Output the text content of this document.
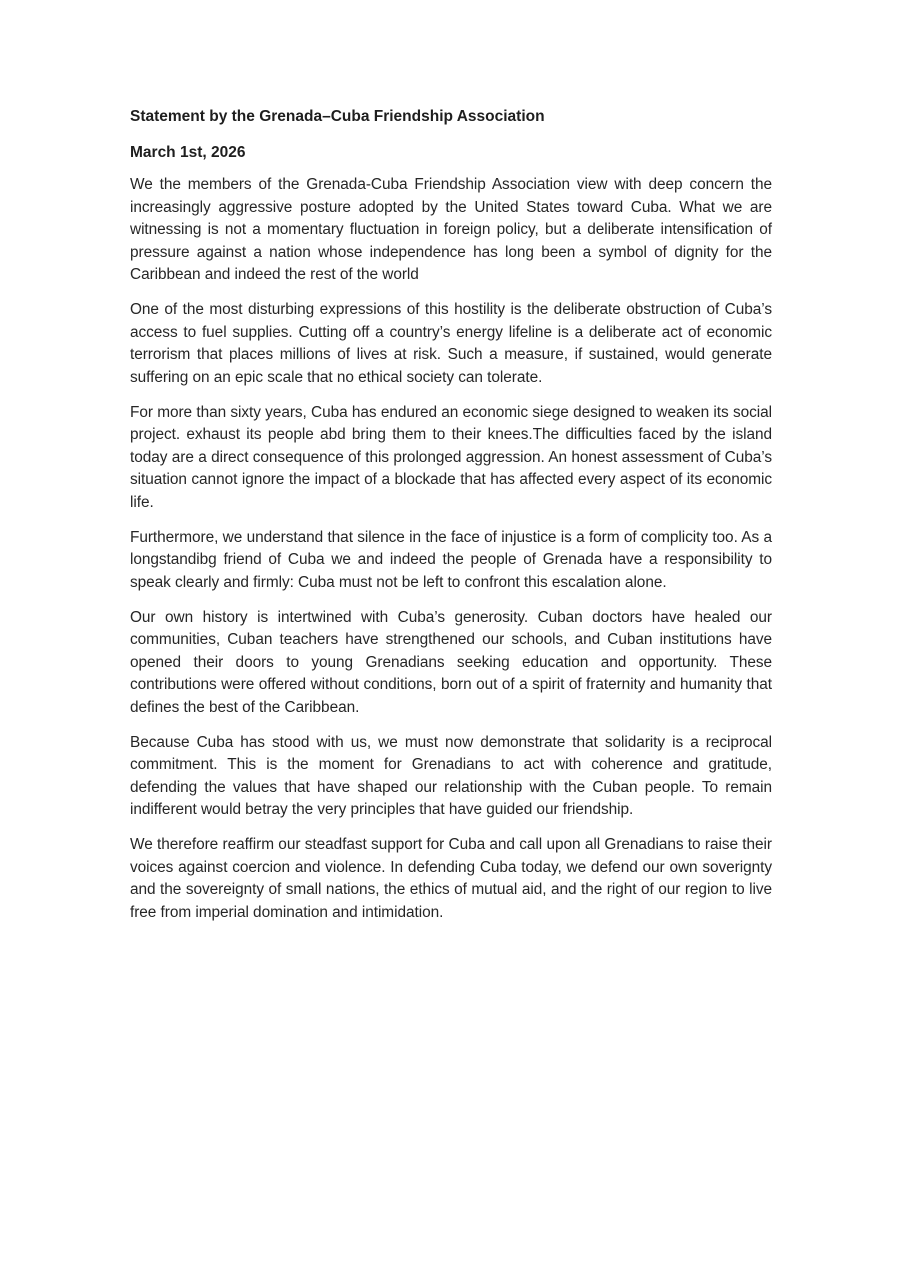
Statement by the Grenada–Cuba Friendship Association

March 1st, 2026

We the members of the Grenada-Cuba Friendship Association view with deep concern the increasingly aggressive posture adopted by the United States toward Cuba. What we are witnessing is not a momentary fluctuation in foreign policy, but a deliberate intensification of pressure against a nation whose independence has long been a symbol of dignity for the Caribbean and indeed the rest of the world

One of the most disturbing expressions of this hostility is the deliberate obstruction of Cuba’s access to fuel supplies. Cutting off a country’s energy lifeline is a deliberate act of economic terrorism that places millions of lives at risk. Such a measure, if sustained, would generate suffering on an epic scale that no ethical society can tolerate.

For more than sixty years, Cuba has endured an economic siege designed to weaken its social project. exhaust its people abd bring them to their knees.The difficulties faced by the island today are a direct consequence of this prolonged aggression. An honest assessment of Cuba’s situation cannot ignore the impact of a blockade that has affected every aspect of its economic life.

Furthermore, we understand that silence in the face of injustice is a form of complicity too. As a longstandibg friend of Cuba we and indeed the people of Grenada have a responsibility to speak clearly and firmly: Cuba must not be left to confront this escalation alone.

Our own history is intertwined with Cuba’s generosity. Cuban doctors have healed our communities, Cuban teachers have strengthened our schools, and Cuban institutions have opened their doors to young Grenadians seeking education and opportunity. These contributions were offered without conditions, born out of a spirit of fraternity and humanity that defines the best of the Caribbean.

Because Cuba has stood with us, we must now demonstrate that solidarity is a reciprocal commitment. This is the moment for Grenadians to act with coherence and gratitude, defending the values that have shaped our relationship with the Cuban people. To remain indifferent would betray the very principles that have guided our friendship.

We therefore reaffirm our steadfast support for Cuba and call upon all Grenadians to raise their voices against coercion and violence. In defending Cuba today, we defend our own soverignty and the sovereignty of small nations, the ethics of mutual aid, and the right of our region to live free from imperial domination and intimidation.
